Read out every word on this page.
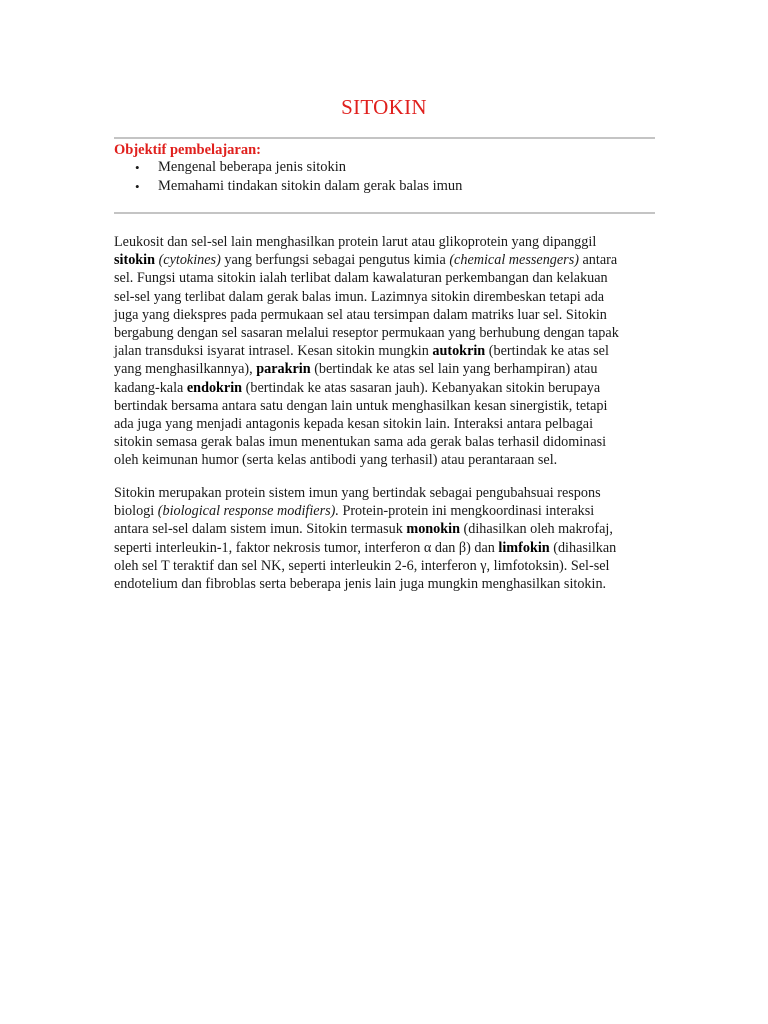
SITOKIN

Objektif pembelajaran:

• Mengenal beberapa jenis sitokin
• Memahami tindakan sitokin dalam gerak balas imun

Leukosit dan sel-sel lain menghasilkan protein larut atau glikoprotein yang dipanggil
sitokin (cytokines) yang berfungsi sebagai pengutus kimia (chemical messengers) antara
sel. Fungsi utama sitokin ialah terlibat dalam kawalaturan perkembangan dan kelakuan
sel-sel yang terlibat dalam gerak balas imun. Lazimnya sitokin dirembeskan tetapi ada
juga yang diekspres pada permukaan sel atau tersimpan dalam matriks luar sel. Sitokin
bergabung dengan sel sasaran melalui reseptor permukaan yang berhubung dengan tapak
jalan transduksi isyarat intrasel. Kesan sitokin mungkin autokrin (bertindak ke atas sel
yang menghasilkannya), parakrin (bertindak ke atas sel lain yang berhampiran) atau
kadang-kala endokrin (bertindak ke atas sasaran jauh). Kebanyakan sitokin berupaya
bertindak bersama antara satu dengan lain untuk menghasilkan kesan sinergistik, tetapi
ada juga yang menjadi antagonis kepada kesan sitokin lain. Interaksi antara pelbagai
sitokin semasa gerak balas imun menentukan sama ada gerak balas terhasil didominasi
oleh keimunan humor (serta kelas antibodi yang terhasil) atau perantaraan sel.

Sitokin merupakan protein sistem imun yang bertindak sebagai pengubahsuai respons
biologi (biological response modifiers). Protein-protein ini mengkoordinasi interaksi
antara sel-sel dalam sistem imun. Sitokin termasuk monokin (dihasilkan oleh makrofaj,
seperti interleukin-1, faktor nekrosis tumor, interferon α dan β) dan limfokin (dihasilkan
oleh sel T teraktif dan sel NK, seperti interleukin 2-6, interferon γ, limfotoksin). Sel-sel
endotelium dan fibroblas serta beberapa jenis lain juga mungkin menghasilkan sitokin.
